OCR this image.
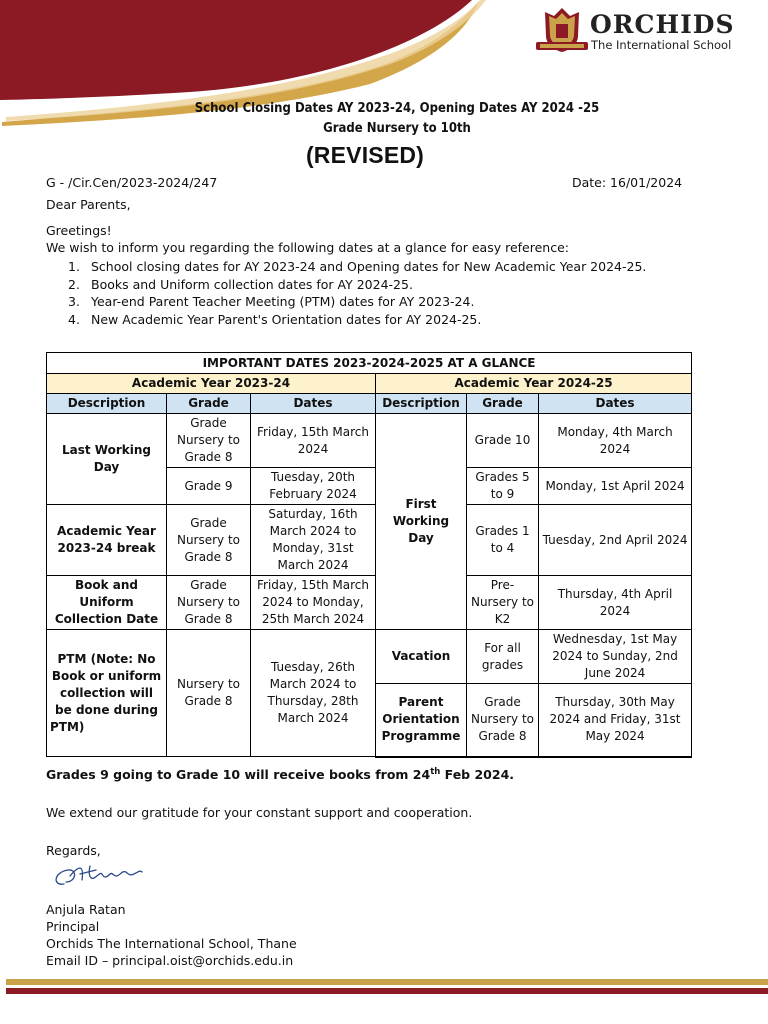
ORCHIDS
The International School
School Closing Dates AY 2023-24, Opening Dates AY 2024 -25
Grade Nursery to 10th
(REVISED)
G - /Cir.Cen/2023-2024/247	Date: 16/01/2024
Dear Parents,
Greetings!
We wish to inform you regarding the following dates at a glance for easy reference:
1. School closing dates for AY 2023-24 and Opening dates for New Academic Year 2024-25.
2. Books and Uniform collection dates for AY 2024-25.
3. Year-end Parent Teacher Meeting (PTM) dates for AY 2023-24.
4. New Academic Year Parent's Orientation dates for AY 2024-25.
IMPORTANT DATES 2023-2024-2025 AT A GLANCE					
Academic Year 2023-24			Academic Year 2024-25		
Description	Grade	Dates	Description	Grade	Dates
Last Working Day	Grade Nursery to Grade 8	Friday, 15th March 2024	First Working Day	Grade 10	Monday, 4th March 2024
	Grade 9	Tuesday, 20th February 2024		Grades 5 to 9	Monday, 1st April 2024
Academic Year 2023-24 break	Grade Nursery to Grade 8	Saturday, 16th March 2024 to Monday, 31st March 2024		Grades 1 to 4	Tuesday, 2nd April 2024
Book and Uniform Collection Date	Grade Nursery to Grade 8	Friday, 15th March 2024 to Monday, 25th March 2024		Pre-Nursery to K2	Thursday, 4th April 2024
PTM (Note: No Book or uniform collection will be done during PTM)	Nursery to Grade 8	Tuesday, 26th March 2024 to Thursday, 28th March 2024	Vacation	For all grades	Wednesday, 1st May 2024 to Sunday, 2nd June 2024
			Parent Orientation Programme	Grade Nursery to Grade 8	Thursday, 30th May 2024 and Friday, 31st May 2024
Grades 9 going to Grade 10 will receive books from 24th Feb 2024.
We extend our gratitude for your constant support and cooperation.
Regards,
Anjula Ratan
Principal
Orchids The International School, Thane
Email ID – principal.oist@orchids.edu.in
